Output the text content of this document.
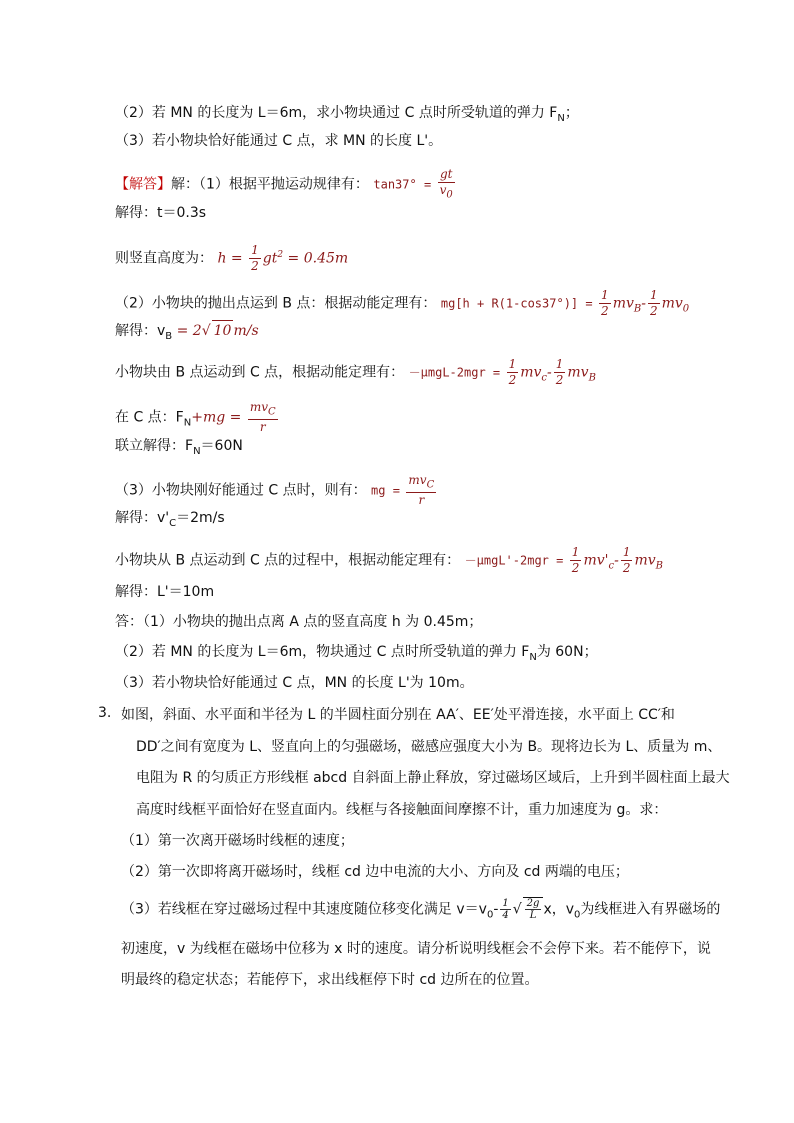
（2）若 MN 的长度为 L＝6m，求小物块通过 C 点时所受轨道的弹力 $F_N$；
（3）若小物块恰好能通过 C 点，求 MN 的长度 L'。
【解答】解：（1）根据平抛运动规律有： $\tan 37^\circ = \frac{gt}{v_0}$
解得：t＝0.3s
则竖直高度为： $h = \frac{1}{2} gt^2 = 0.45m$
（2）小物块的抛出点运到 B 点：根据动能定理有： $mg[h + R(1-\cos 37^\circ)] = \frac{1}{2} mv_B- \frac{1}{2} mv_0$
解得：$v_B = 2√$ 10 m/s
小物块由 B 点运动到 C 点，根据动能定理有： $-\mu mgL-2mgr = \frac{1}{2} mv_c- \frac{1}{2} mv_B$
在 C 点：$F_N+mg = \frac{mv_C}{r}$
联立解得：$F_N=60N$
（3）小物块刚好能通过 C 点时，则有： mg = $\frac{mv_C}{r}$
解得：$v'_C=2m/s$
小物块从 B 点运动到 C 点的过程中，根据动能定理有： $-\mu mgL'-2mgr = \frac{1}{2} mv'_c- \frac{1}{2} mv_B$
解得：L'＝10m
答：（1）小物块的抛出点离 A 点的竖直高度 h 为 0.45m；
（2）若 MN 的长度为 L＝6m，物块通过 C 点时所受轨道的弹力 $F_N$为 60N；
（3）若小物块恰好能通过 C 点，MN 的长度 L'为 10m。
3. 如图，斜面、水平面和半径为 L 的半圆柱面分别在 AA′、EE′处平滑连接，水平面上 CC′和
DD′之间有宽度为 L、竖直向上的匀强磁场，磁感应强度大小为 B。现将边长为 L、质量为 m、
电阻为 R 的匀质正方形线框 abcd 自斜面上静止释放，穿过磁场区域后，上升到半圆柱面上最大
高度时线框平面恰好在竖直面内。线框与各接触面间摩擦不计，重力加速度为 g。求：
（1）第一次离开磁场时线框的速度；
（2）第一次即将离开磁场时，线框 cd 边中电流的大小、方向及 cd 两端的电压；
（3）若线框在穿过磁场过程中其速度随位移变化满足 $v=v_0- \frac{1}{4}$ √ $\frac{2g}{L}$ x，$v_0$为线框进入有界磁场的
初速度，v 为线框在磁场中位移为 x 时的速度。请分析说明线框会不会停下来。若不能停下，说
明最终的稳定状态；若能停下，求出线框停下时 cd 边所在的位置。
